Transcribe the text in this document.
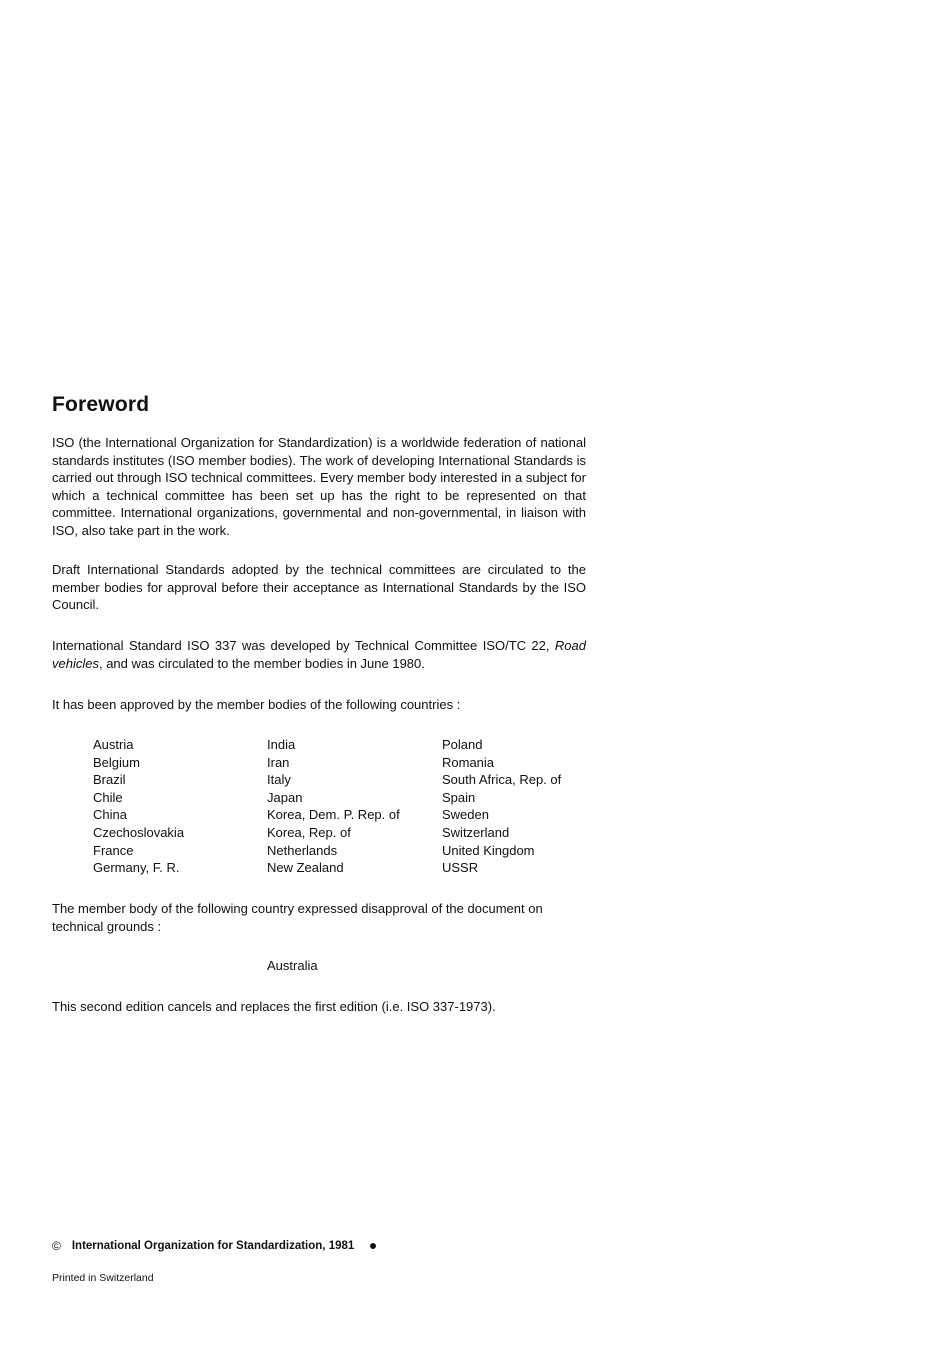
Foreword

ISO (the International Organization for Standardization) is a worldwide federation of national standards institutes (ISO member bodies). The work of developing International Standards is carried out through ISO technical committees. Every member body interested in a subject for which a technical committee has been set up has the right to be represented on that committee. International organizations, governmental and non-governmental, in liaison with ISO, also take part in the work.

Draft International Standards adopted by the technical committees are circulated to the member bodies for approval before their acceptance as International Standards by the ISO Council.

International Standard ISO 337 was developed by Technical Committee ISO/TC 22, Road vehicles, and was circulated to the member bodies in June 1980.

It has been approved by the member bodies of the following countries :

Austria
Belgium
Brazil
Chile
China
Czechoslovakia
France
Germany, F. R.
India
Iran
Italy
Japan
Korea, Dem. P. Rep. of
Korea, Rep. of
Netherlands
New Zealand
Poland
Romania
South Africa, Rep. of
Spain
Sweden
Switzerland
United Kingdom
USSR

The member body of the following country expressed disapproval of the document on technical grounds :

Australia

This second edition cancels and replaces the first edition (i.e. ISO 337-1973).

© International Organization for Standardization, 1981
Printed in Switzerland
